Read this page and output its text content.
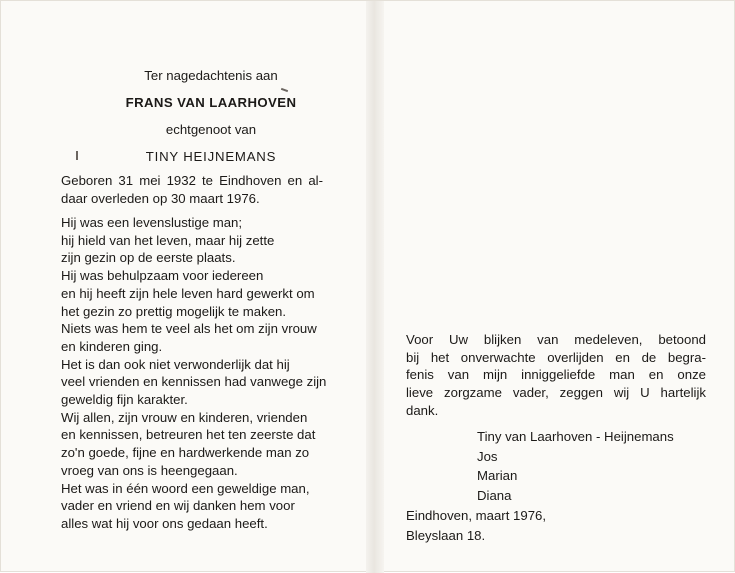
Ter nagedachtenis aan
FRANS VAN LAARHOVEN
echtgenoot van
TINY HEIJNEMANS
Geboren 31 mei 1932 te Eindhoven en al-
daar overleden op 30 maart 1976.
Hij was een levenslustige man;
hij hield van het leven, maar hij zette
zijn gezin op de eerste plaats.
Hij was behulpzaam voor iedereen
en hij heeft zijn hele leven hard gewerkt om
het gezin zo prettig mogelijk te maken.
Niets was hem te veel als het om zijn vrouw
en kinderen ging.
Het is dan ook niet verwonderlijk dat hij
veel vrienden en kennissen had vanwege zijn
geweldig fijn karakter.
Wij allen, zijn vrouw en kinderen, vrienden
en kennissen, betreuren het ten zeerste dat
zo'n goede, fijne en hardwerkende man zo
vroeg van ons is heengegaan.
Het was in één woord een geweldige man,
vader en vriend en wij danken hem voor
alles wat hij voor ons gedaan heeft.
Voor Uw blijken van medeleven, betoond
bij het onverwachte overlijden en de begra-
fenis van mijn inniggeliefde man en onze
lieve zorgzame vader, zeggen wij U hartelijk
dank.
Tiny van Laarhoven - Heijnemans
Jos
Marian
Diana
Eindhoven, maart 1976,
Bleyslaan 18.
